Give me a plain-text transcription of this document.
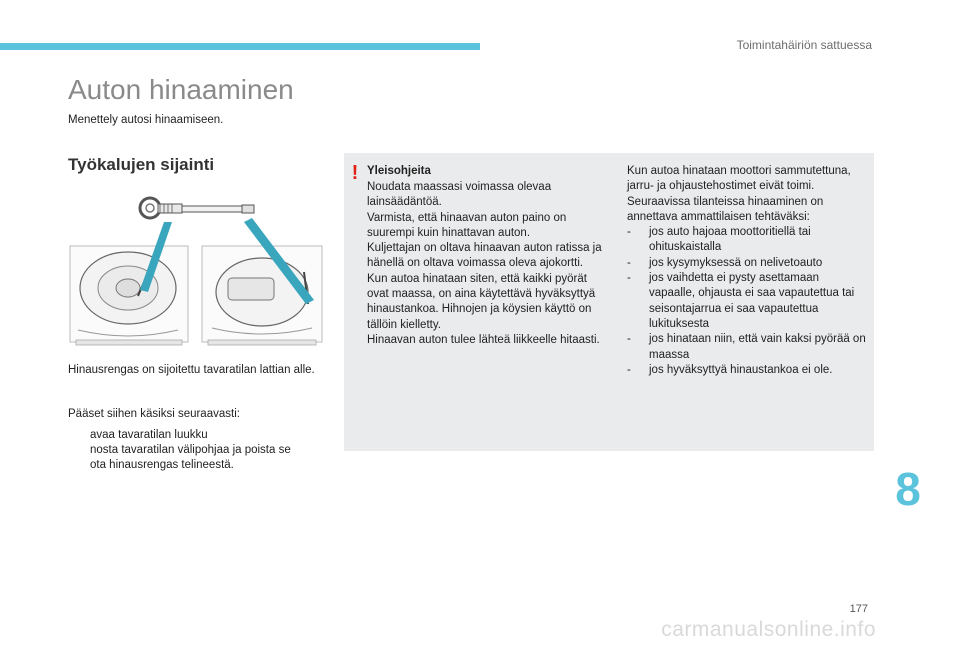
Toimintahäiriön sattuessa
Auton hinaaminen
Menettely autosi hinaamiseen.
Työkalujen sijainti
Hinausrengas on sijoitettu tavaratilan lattian alle.
Pääset siihen käsiksi seuraavasti:
avaa tavaratilan luukku
nosta tavaratilan välipohjaa ja poista se
ota hinausrengas telineestä.
! Yleisohjeita
Noudata maassasi voimassa olevaa lainsäädäntöä.
Varmista, että hinaavan auton paino on suurempi kuin hinattavan auton.
Kuljettajan on oltava hinaavan auton ratissa ja hänellä on oltava voimassa oleva ajokortti.
Kun autoa hinataan siten, että kaikki pyörät ovat maassa, on aina käytettävä hyväksyttyä hinaustankoa. Hihnojen ja köysien käyttö on tällöin kielletty.
Hinaavan auton tulee lähteä liikkeelle hitaasti.
Kun autoa hinataan moottori sammutettuna, jarru- ja ohjaustehostimet eivät toimi. Seuraavissa tilanteissa hinaaminen on annettava ammattilaisen tehtäväksi:
-	jos auto hajoaa moottoritiellä tai ohituskaistalla
-	jos kysymyksessä on nelivetoauto
-	jos vaihdetta ei pysty asettamaan vapaalle, ohjausta ei saa vapautettua tai seisontajarrua ei saa vapautettua lukituksesta
-	jos hinataan niin, että vain kaksi pyörää on maassa
-	jos hyväksyttyä hinaustankoa ei ole.
8
177
carmanualsonline.info
